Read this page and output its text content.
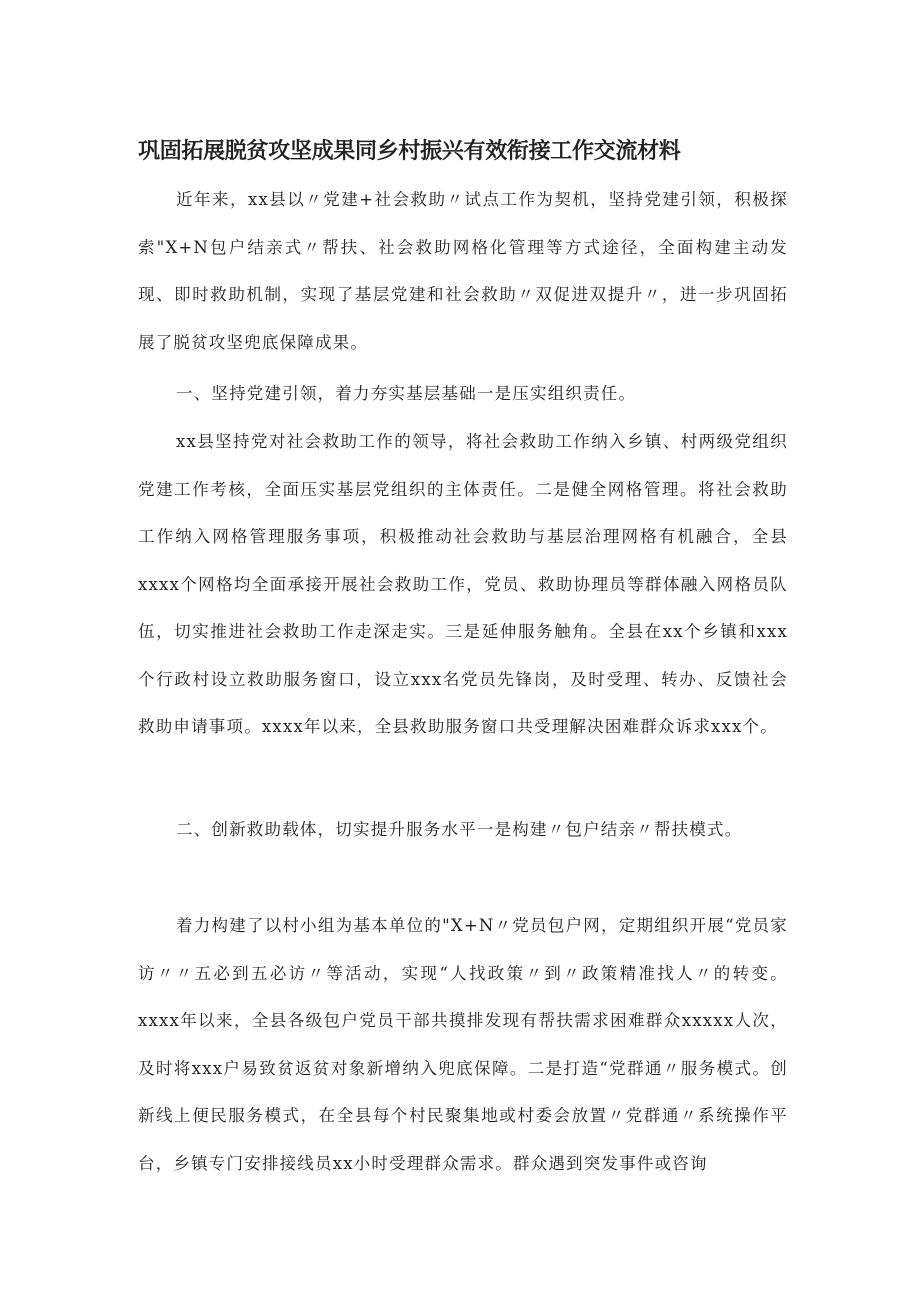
巩固拓展脱贫攻坚成果同乡村振兴有效衔接工作交流材料

近年来，xx县以〃党建+社会救助〃试点工作为契机，坚持党建引领，积极探索"X+N包户结亲式〃帮扶、社会救助网格化管理等方式途径，全面构建主动发现、即时救助机制，实现了基层党建和社会救助〃双促进双提升〃，进一步巩固拓展了脱贫攻坚兜底保障成果。

一、坚持党建引领，着力夯实基层基础一是压实组织责任。

xx县坚持党对社会救助工作的领导，将社会救助工作纳入乡镇、村两级党组织党建工作考核，全面压实基层党组织的主体责任。二是健全网格管理。将社会救助工作纳入网格管理服务事项，积极推动社会救助与基层治理网格有机融合，全县xxxx个网格均全面承接开展社会救助工作，党员、救助协理员等群体融入网格员队伍，切实推进社会救助工作走深走实。三是延伸服务触角。全县在xx个乡镇和xxx个行政村设立救助服务窗口，设立xxx名党员先锋岗，及时受理、转办、反馈社会救助申请事项。xxxx年以来，全县救助服务窗口共受理解决困难群众诉求xxx个。

二、创新救助载体，切实提升服务水平一是构建〃包户结亲〃帮扶模式。

着力构建了以村小组为基本单位的"X+N〃党员包户网，定期组织开展“党员家访〃〃五必到五必访〃等活动，实现“人找政策〃到〃政策精准找人〃的转变。xxxx年以来，全县各级包户党员干部共摸排发现有帮扶需求困难群众xxxxx人次，及时将xxx户易致贫返贫对象新增纳入兜底保障。二是打造“党群通〃服务模式。创新线上便民服务模式，在全县每个村民聚集地或村委会放置〃党群通〃系统操作平台，乡镇专门安排接线员xx小时受理群众需求。群众遇到突发事件或咨询
